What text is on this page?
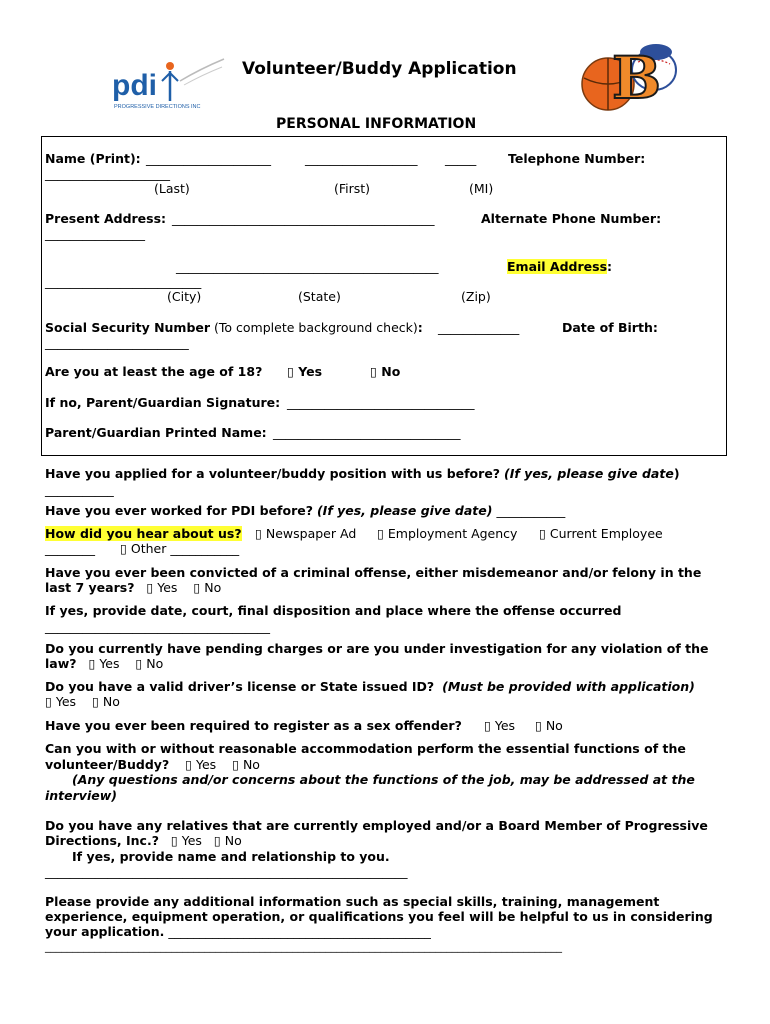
pdi
PROGRESSIVE DIRECTIONS INC	B
Volunteer/Buddy Application
PERSONAL INFORMATION
Name (Print): ____________________	__________________ _____	Telephone Number:
____________________
(Last)	(First)	(MI)
Present Address: __________________________________________	Alternate Phone Number:
________________
__________________________________________	Email Address:
_________________________
(City)	(State)	(Zip)
Social Security Number (To complete background check): _____________	Date of Birth:
_______________________
Are you at least the age of 18? ▯ Yes	▯ No
If no, Parent/Guardian Signature: ______________________________
Parent/Guardian Printed Name: ______________________________
Have you applied for a volunteer/buddy position with us before? (If yes, please give date)
___________
Have you ever worked for PDI before? (If yes, please give date) ___________
How did you hear about us? ▯ Newspaper Ad ▯ Employment Agency ▯ Current Employee
________ ▯ Other ___________
Have you ever been convicted of a criminal offense, either misdemeanor and/or felony in the
last 7 years? ▯ Yes ▯ No
If yes, provide date, court, final disposition and place where the offense occurred
____________________________________
Do you currently have pending charges or are you under investigation for any violation of the
law? ▯ Yes ▯ No
Do you have a valid driver’s license or State issued ID? (Must be provided with application)
▯ Yes ▯ No
Have you ever been required to register as a sex offender? ▯ Yes ▯ No
Can you with or without reasonable accommodation perform the essential functions of the
volunteer/Buddy? ▯ Yes ▯ No
(Any questions and/or concerns about the functions of the job, may be addressed at the
interview)
Do you have any relatives that are currently employed and/or a Board Member of Progressive
Directions, Inc.? ▯ Yes ▯ No
If yes, provide name and relationship to you.
__________________________________________________________
Please provide any additional information such as special skills, training, management
experience, equipment operation, or qualifications you feel will be helpful to us in considering
your application. __________________________________________
______________________________________________________________________________________________
